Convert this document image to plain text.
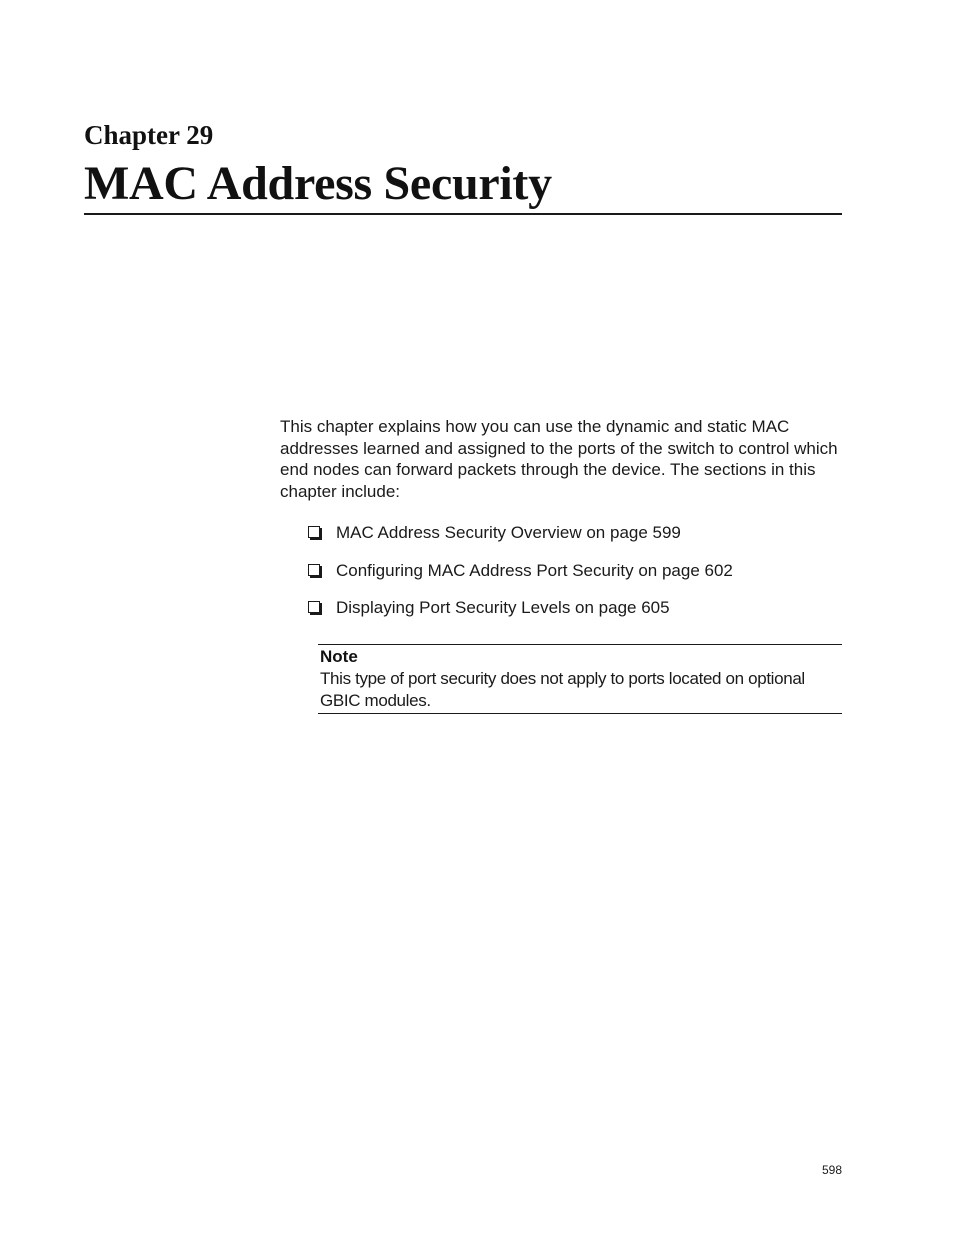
Chapter 29
MAC Address Security

This chapter explains how you can use the dynamic and static MAC addresses learned and assigned to the ports of the switch to control which end nodes can forward packets through the device. The sections in this chapter include:

MAC Address Security Overview on page 599
Configuring MAC Address Port Security on page 602
Displaying Port Security Levels on page 605

Note

This type of port security does not apply to ports located on optional GBIC modules.

598
